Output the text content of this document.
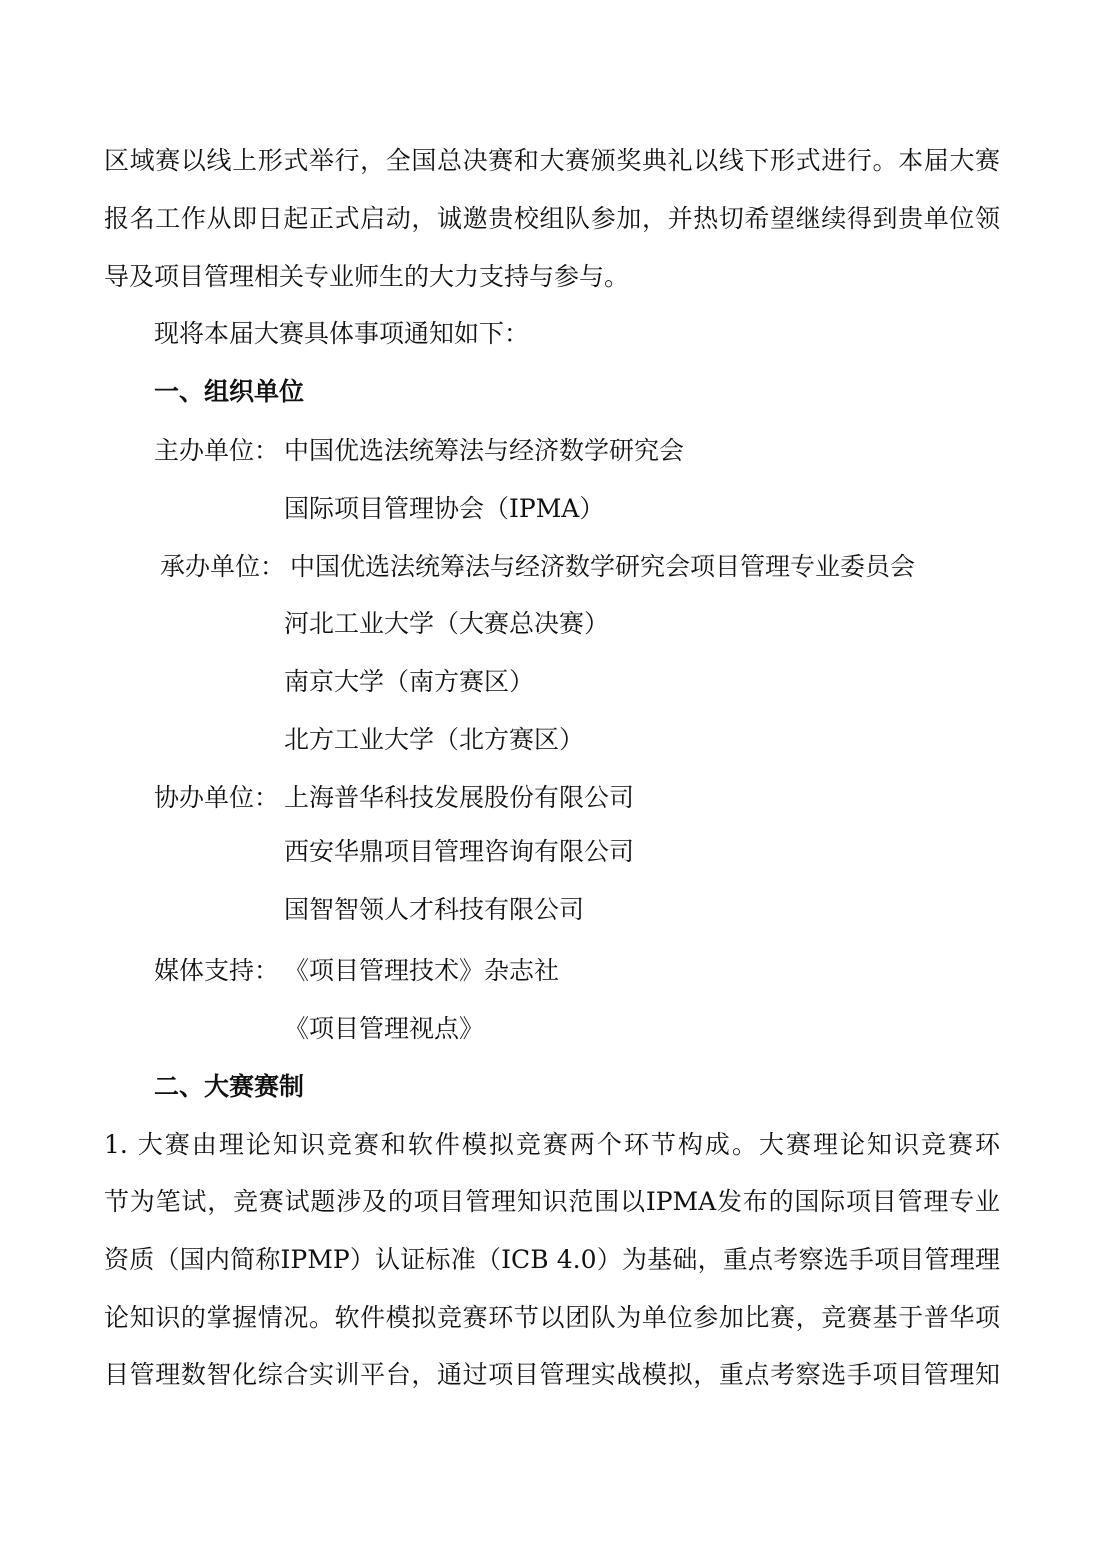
区域赛以线上形式举行，全国总决赛和大赛颁奖典礼以线下形式进行。本届大赛
报名工作从即日起正式启动，诚邀贵校组队参加，并热切希望继续得到贵单位领
导及项目管理相关专业师生的大力支持与参与。
现将本届大赛具体事项通知如下：
一、组织单位
主办单位： 中国优选法统筹法与经济数学研究会
国际项目管理协会（IPMA）
承办单位： 中国优选法统筹法与经济数学研究会项目管理专业委员会
河北工业大学（大赛总决赛）
南京大学（南方赛区）
北方工业大学（北方赛区）
协办单位： 上海普华科技发展股份有限公司
西安华鼎项目管理咨询有限公司
国智智领人才科技有限公司
媒体支持： 《项目管理技术》杂志社
《项目管理视点》
二、大赛赛制
1. 大赛由理论知识竞赛和软件模拟竞赛两个环节构成。大赛理论知识竞赛环
节为笔试，竞赛试题涉及的项目管理知识范围以IPMA发布的国际项目管理专业
资质（国内简称IPMP）认证标准（ICB 4.0）为基础，重点考察选手项目管理理
论知识的掌握情况。软件模拟竞赛环节以团队为单位参加比赛，竞赛基于普华项
目管理数智化综合实训平台，通过项目管理实战模拟，重点考察选手项目管理知
